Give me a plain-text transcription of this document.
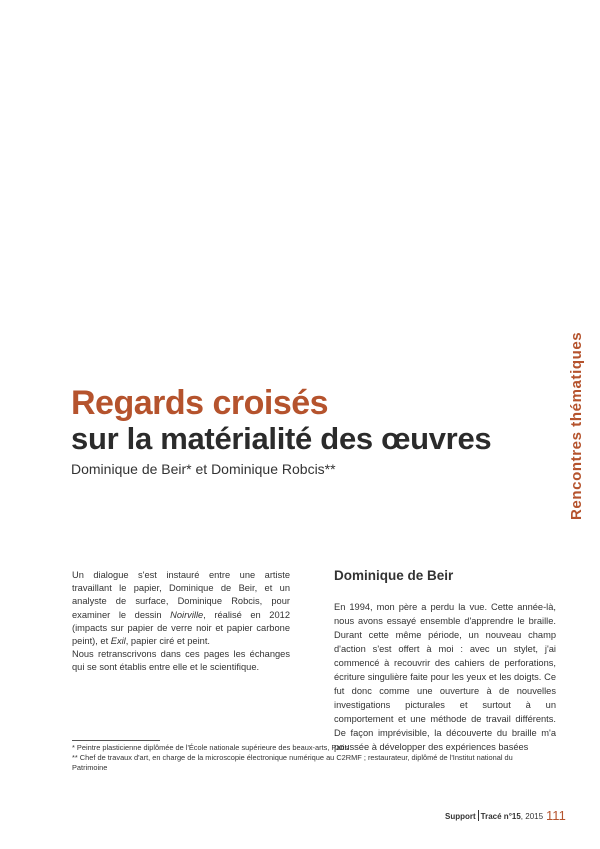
Rencontres thématiques
Regards croisés
sur la matérialité des œuvres

Dominique de Beir* et Dominique Robcis**

Un dialogue s'est instauré entre une artiste travaillant le papier, Dominique de Beir, et un analyste de surface, Dominique Robcis, pour examiner le dessin Noirville, réalisé en 2012 (impacts sur papier de verre noir et papier carbone peint), et Exil, papier ciré et peint.

Nous retranscrivons dans ces pages les échanges qui se sont établis entre elle et le scientifique.

Dominique de Beir

En 1994, mon père a perdu la vue. Cette année-là, nous avons essayé ensemble d'apprendre le braille. Durant cette même période, un nouveau champ d'action s'est offert à moi : avec un stylet, j'ai commencé à recouvrir des cahiers de perforations, écriture singulière faite pour les yeux et les doigts. Ce fut donc comme une ouverture à de nouvelles investigations picturales et surtout à un comportement et une méthode de travail différents. De façon imprévisible, la découverte du braille m'a poussée à développer des expériences basées

* Peintre plasticienne diplômée de l'École nationale supérieure des beaux-arts, Paris

** Chef de travaux d'art, en charge de la microscopie électronique numérique au C2RMF ; restaurateur, diplômé de l'Institut national du Patrimoine

Support Tracé n°15, 2015 111
